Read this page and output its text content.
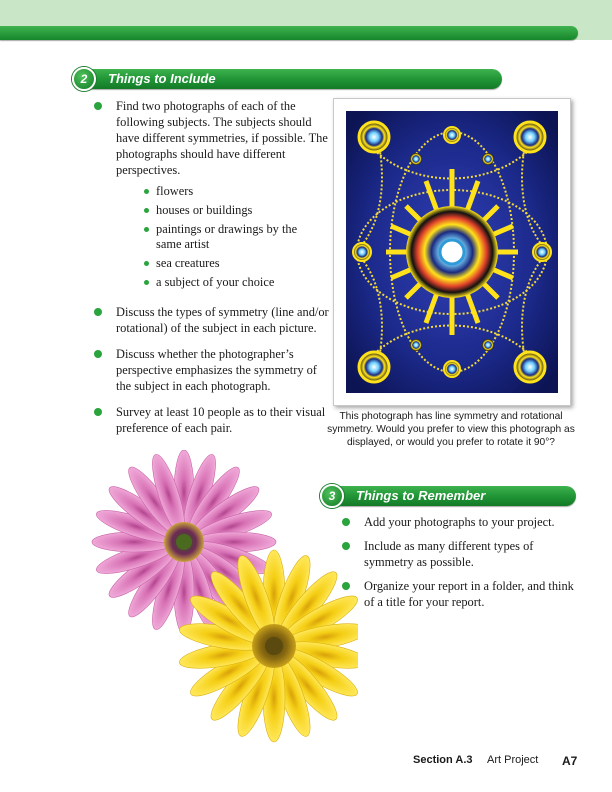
Things to Include
2
Find two photographs of each of the following subjects. The subjects should have different symmetries, if possible. The photographs should have different perspectives.
flowers
houses or buildings
paintings or drawings by the same artist
sea creatures
a subject of your choice
Discuss the types of symmetry (line and/or rotational) of the subject in each picture.
Discuss whether the photographer’s perspective emphasizes the symmetry of the subject in each photograph.
Survey at least 10 people as to their visual preference of each pair.
This photograph has line symmetry and rotational symmetry. Would you prefer to view this photograph as displayed, or would you prefer to rotate it 90°?
Things to Remember
3
Add your photographs to your project.
Include as many different types of symmetry as possible.
Organize your report in a folder, and think of a title for your report.
Section A.3 Art Project A7
